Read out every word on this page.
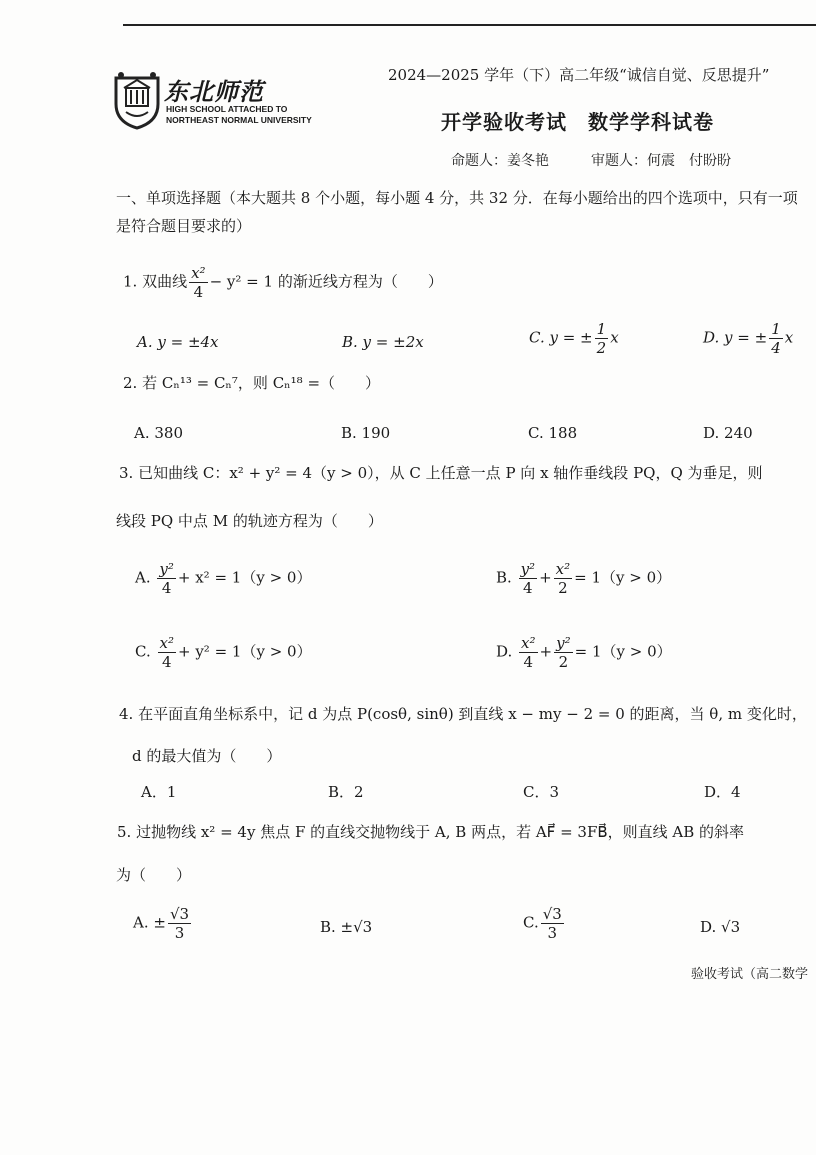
东北师范
HIGH SCHOOL ATTACHED TO
NORTHEAST NORMAL UNIVERSITY
2024—2025 学年（下）高二年级“诚信自觉、反思提升”
开学验收考试　数学学科试卷
命题人：姜冬艳　　　审题人：何震　付盼盼
一、单项选择题（本大题共 8 个小题，每小题 4 分，共 32 分．在每小题给出的四个选项中，只有一项是符合题目要求的）
1. 双曲线 $\frac{\text{x²}}{4} - y^2 = 1$ 的渐近线方程为（　　）
A. y = ±4x	B. y = ±2x	C. y = ± $\frac{1}{2}$ x	D. y = ± $\frac{1}{4}$ x
2. 若 Cₙ¹³ = Cₙ⁷，则 Cₙ¹⁸ =（　　）
A. 380	B. 190	C. 188	D. 240
3. 已知曲线 C：x² + y² = 4（y > 0），从 C 上任意一点 P 向 x 轴作垂线段 PQ，Q 为垂足，则
线段 PQ 中点 M 的轨迹方程为（　　）
A. $\frac{\text{y²}}{4} + x^2 = 1(y > 0)$	B. $\frac{\text{y²}}{4} + \frac{\text{x²}}{2} = 1(y > 0)$
C. $\frac{\text{x²}}{4} + y^2 = 1(y > 0)$	D. $\frac{\text{x²}}{4} + \frac{\text{y²}}{2} = 1(y > 0)$
4. 在平面直角坐标系中，记 d 为点 P(cosθ, sinθ) 到直线 x − my − 2 = 0 的距离，当 θ, m 变化时，
d 的最大值为（　　）
A．1	B．2	C．3	D．4
5. 过抛物线 x² = 4y 焦点 F 的直线交抛物线于 A, B 两点，若 AF⃗ = 3FB⃗，则直线 AB 的斜率
为（　　）
A. ± $\frac{√3}{3}$	B. ±√3	C. $\frac{√3}{3}$	D. √3
验收考试（高二数学
